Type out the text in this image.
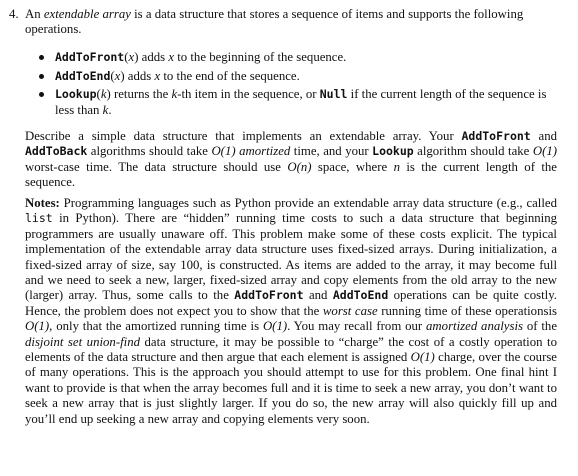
4. An extendable array is a data structure that stores a sequence of items and supports the following operations.
AddToFront(x) adds x to the beginning of the sequence.
AddToEnd(x) adds x to the end of the sequence.
Lookup(k) returns the k-th item in the sequence, or Null if the current length of the sequence is less than k.
Describe a simple data structure that implements an extendable array. Your AddToFront and AddToBack algorithms should take O(1) amortized time, and your Lookup algorithm should take O(1) worst-case time. The data structure should use O(n) space, where n is the current length of the sequence.
Notes: Programming languages such as Python provide an extendable array data structure (e.g., called list in Python). There are “hidden” running time costs to such a data structure that beginning programmers are usually unaware off. This problem make some of these costs explicit. The typical implementation of the extendable array data structure uses fixed-sized arrays. During initialization, a fixed-sized array of size, say 100, is constructed. As items are added to the array, it may become full and we need to seek a new, larger, fixed-sized array and copy elements from the old array to the new (larger) array. Thus, some calls to the AddToFront and AddToEnd operations can be quite costly. Hence, the problem does not expect you to show that the worst case running time of these operationsis O(1), only that the amortized running time is O(1). You may recall from our amortized analysis of the disjoint set union-find data structure, it may be possible to “charge” the cost of a costly operation to elements of the data structure and then argue that each element is assigned O(1) charge, over the course of many operations. This is the approach you should attempt to use for this problem. One final hint I want to provide is that when the array becomes full and it is time to seek a new array, you don’t want to seek a new array that is just slightly larger. If you do so, the new array will also quickly fill up and you’ll end up seeking a new array and copying elements very soon.
